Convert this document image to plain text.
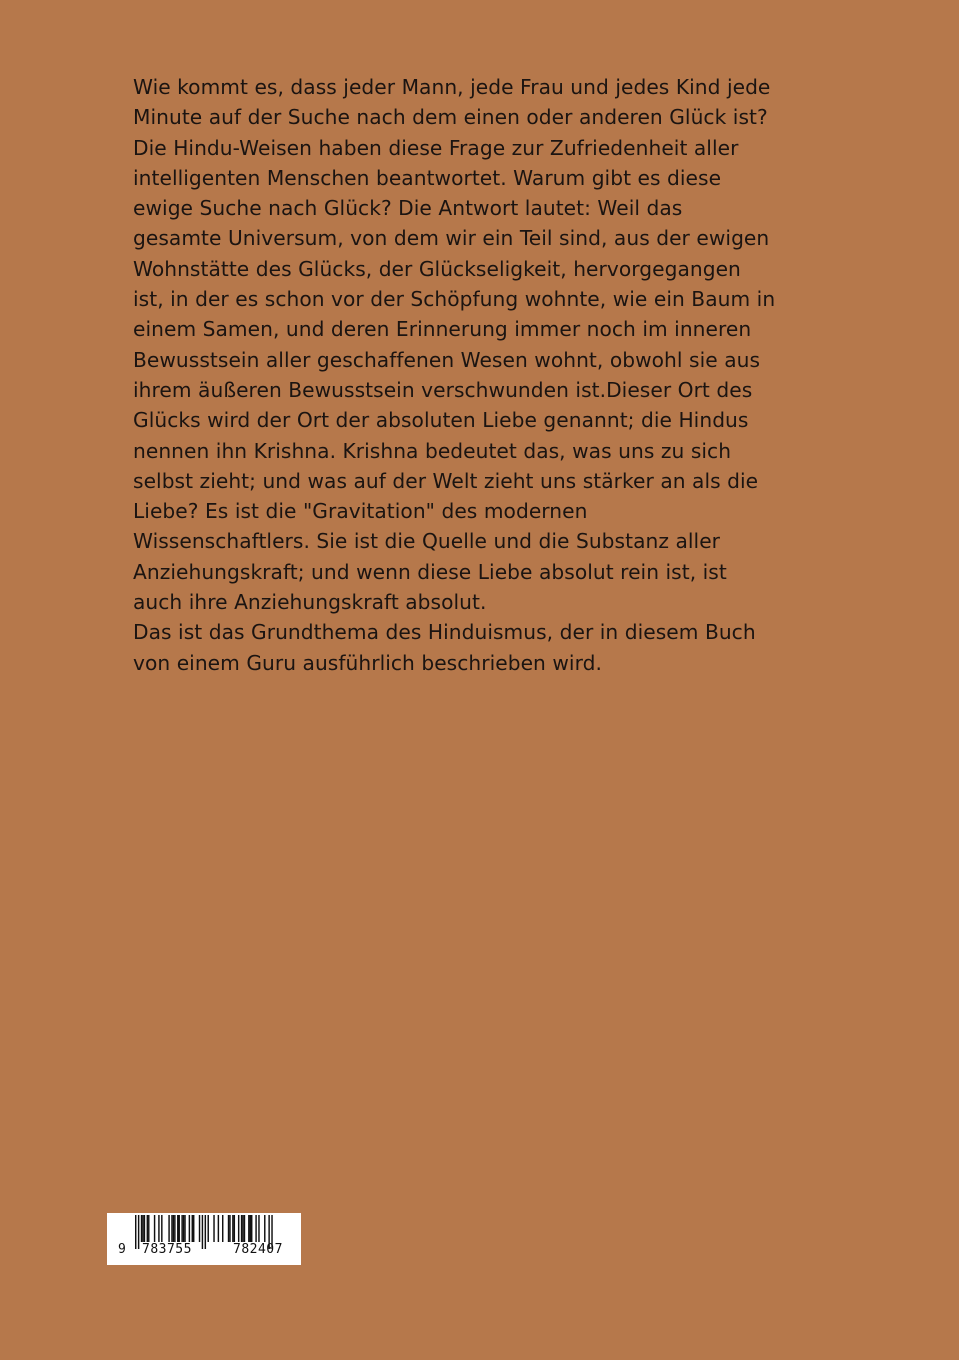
Wie kommt es, dass jeder Mann, jede Frau und jedes Kind jede
Minute auf der Suche nach dem einen oder anderen Glück ist?
Die Hindu-Weisen haben diese Frage zur Zufriedenheit aller
intelligenten Menschen beantwortet. Warum gibt es diese
ewige Suche nach Glück? Die Antwort lautet: Weil das
gesamte Universum, von dem wir ein Teil sind, aus der ewigen
Wohnstätte des Glücks, der Glückseligkeit, hervorgegangen
ist, in der es schon vor der Schöpfung wohnte, wie ein Baum in
einem Samen, und deren Erinnerung immer noch im inneren
Bewusstsein aller geschaffenen Wesen wohnt, obwohl sie aus
ihrem äußeren Bewusstsein verschwunden ist.Dieser Ort des
Glücks wird der Ort der absoluten Liebe genannt; die Hindus
nennen ihn Krishna. Krishna bedeutet das, was uns zu sich
selbst zieht; und was auf der Welt zieht uns stärker an als die
Liebe? Es ist die "Gravitation" des modernen
Wissenschaftlers. Sie ist die Quelle und die Substanz aller
Anziehungskraft; und wenn diese Liebe absolut rein ist, ist
auch ihre Anziehungskraft absolut.
Das ist das Grundthema des Hinduismus, der in diesem Buch
von einem Guru ausführlich beschrieben wird.
9 783755	782407
